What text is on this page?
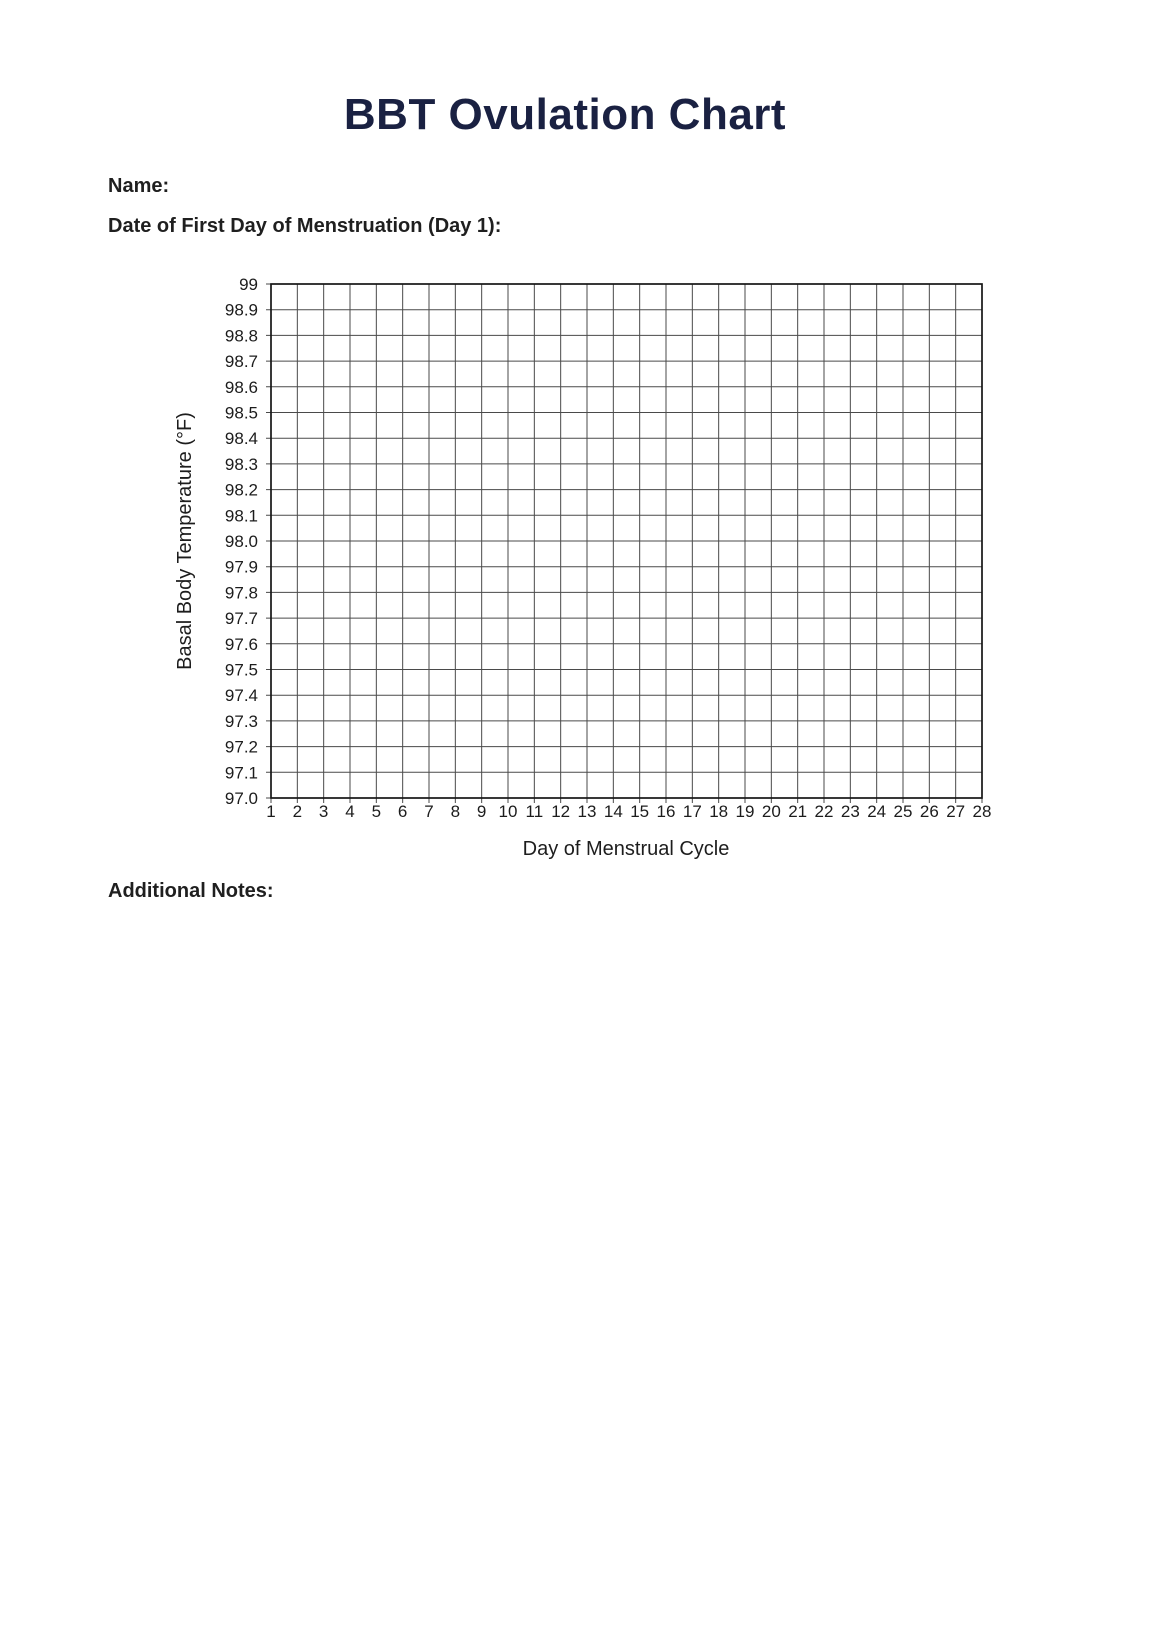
BBT Ovulation Chart
Name:
Date of First Day of Menstruation (Day 1):
1 2 3 4 5 6 7 8 9 10 11 12 13 14 15 16 17 18 19 20 21 22 23 24 25 26 27 28
99
98.9
98.8
98.7
98.6
98.5
98.4
98.3
98.2
98.1
98.0
97.9
97.8
97.7
97.6
97.5
97.4
97.3
97.2
97.1
97.0
Basal Body Temperature (°F)
Day of Menstrual Cycle
Additional Notes:
